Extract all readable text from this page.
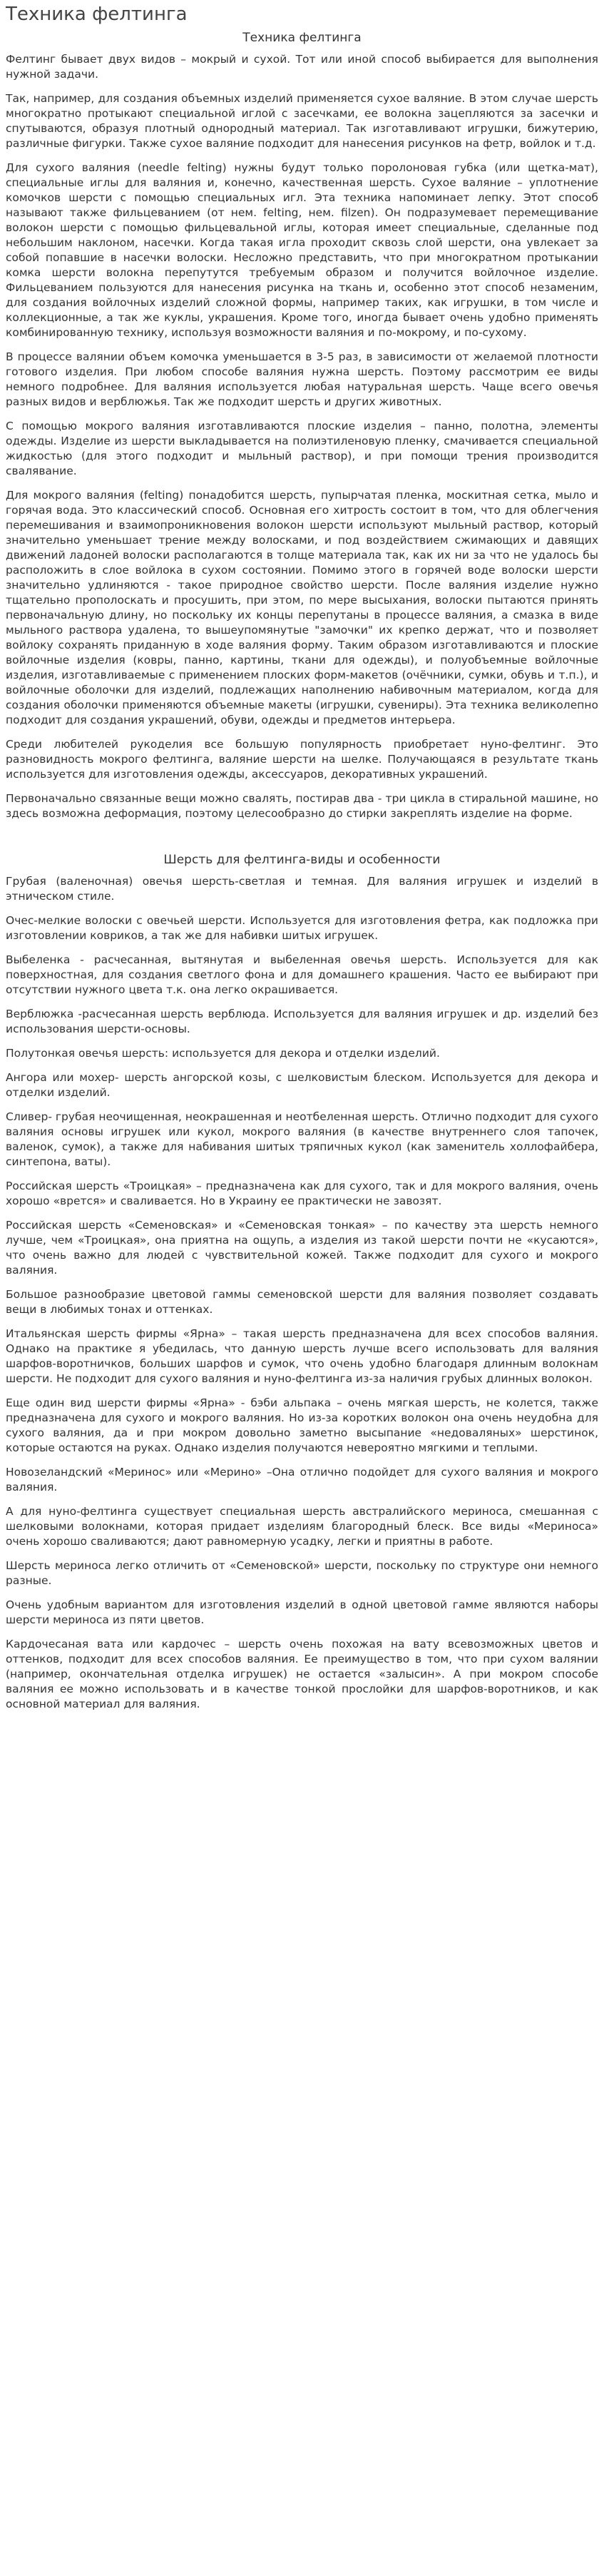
Техника фелтинга
Техника фелтинга

Фелтинг бывает двух видов – мокрый и сухой. Тот или иной способ выбирается для выполнения нужной задачи.

Так, например, для создания объемных изделий применяется сухое валяние. В этом случае шерсть многократно протыкают специальной иглой с засечками, ее волокна зацепляются за засечки и спутываются, образуя плотный однородный материал. Так изготавливают игрушки, бижутерию, различные фигурки. Также сухое валяние подходит для нанесения рисунков на фетр, войлок и т.д.

Для сухого валяния (needle felting) нужны будут только поролоновая губка (или щетка-мат), специальные иглы для валяния и, конечно, качественная шерсть. Сухое валяние – уплотнение комочков шерсти с помощью специальных игл. Эта техника напоминает лепку. Этот способ называют также фильцеванием (от нем. felting, нем. filzen). Он подразумевает перемещивание волокон шерсти с помощью фильцевальной иглы, которая имеет специальные, сделанные под небольшим наклоном, насечки. Когда такая игла проходит сквозь слой шерсти, она увлекает за собой попавшие в насечки волоски. Несложно представить, что при многократном протыкании комка шерсти волокна перепутутся требуемым образом и получится войлочное изделие. Фильцеванием пользуются для нанесения рисунка на ткань и, особенно этот способ незаменим, для создания войлочных изделий сложной формы, например таких, как игрушки, в том числе и коллекционные, а так же куклы, украшения. Кроме того, иногда бывает очень удобно применять комбинированную технику, используя возможности валяния и по-мокрому, и по-сухому.

В процессе валянии объем комочка уменьшается в 3-5 раз, в зависимости от желаемой плотности готового изделия. При любом способе валяния нужна шерсть. Поэтому рассмотрим ее виды немного подробнее. Для валяния используется любая натуральная шерсть. Чаще всего овечья разных видов и верблюжья. Так же подходит шерсть и других животных.

С помощью мокрого валяния изготавливаются плоские изделия – панно, полотна, элементы одежды. Изделие из шерсти выкладывается на полиэтиленовую пленку, смачивается специальной жидкостью (для этого подходит и мыльный раствор), и при помощи трения производится свалявание.

Для мокрого валяния (felting) понадобится шерсть, пупырчатая пленка, москитная сетка, мыло и горячая вода. Это классический способ. Основная его хитрость состоит в том, что для облегчения перемешивания и взаимопроникновения волокон шерсти используют мыльный раствор, который значительно уменьшает трение между волосками, и под воздействием сжимающих и давящих движений ладоней волоски располагаются в толще материала так, как их ни за что не удалось бы расположить в слое войлока в сухом состоянии. Помимо этого в горячей воде волоски шерсти значительно удлиняются - такое природное свойство шерсти. После валяния изделие нужно тщательно прополоскать и просушить, при этом, по мере высыхания, волоски пытаются принять первоначальную длину, но поскольку их концы перепутаны в процессе валяния, а смазка в виде мыльного раствора удалена, то вышеупомянутые "замочки" их крепко держат, что и позволяет войлоку сохранять приданную в ходе валяния форму. Таким образом изготавливаются и плоские войлочные изделия (ковры, панно, картины, ткани для одежды), и полуобъемные войлочные изделия, изготавливаемые с применением плоских форм-макетов (очёчники, сумки, обувь и т.п.), и войлочные оболочки для изделий, подлежащих наполнению набивочным материалом, когда для создания оболочки применяются объемные макеты (игрушки, сувениры). Эта техника великолепно подходит для создания украшений, обуви, одежды и предметов интерьера.

Среди любителей рукоделия все большую популярность приобретает нуно-фелтинг. Это разновидность мокрого фелтинга, валяние шерсти на шелке. Получающаяся в результате ткань используется для изготовления одежды, аксессуаров, декоративных украшений.

Первоначально связанные вещи можно свалять, постирав два - три цикла в стиральной машине, но здесь возможна деформация, поэтому целесообразно до стирки закреплять изделие на форме.

Шерсть для фелтинга-виды и особенности

Грубая (валеночная) овечья шерсть-светлая и темная. Для валяния игрушек и изделий в этническом стиле.

Очес-мелкие волоски с овечьей шерсти. Используется для изготовления фетра, как подложка при изготовлении ковриков, а так же для набивки шитых игрушек.

Выбеленка - расчесанная, вытянутая и выбеленная овечья шерсть. Используется для как поверхностная, для создания светлого фона и для домашнего крашения. Часто ее выбирают при отсутствии нужного цвета т.к. она легко окрашивается.

Верблюжка -расчесанная шерсть верблюда. Используется для валяния игрушек и др. изделий без использования шерсти-основы.

Полутонкая овечья шерсть: используется для декора и отделки изделий.

Ангора или мохер- шерсть ангорской козы, с шелковистым блеском. Используется для декора и отделки изделий.

Сливер- грубая неочищенная, неокрашенная и неотбеленная шерсть. Отлично подходит для сухого валяния основы игрушек или кукол, мокрого валяния (в качестве внутреннего слоя тапочек, валенок, сумок), а также для набивания шитых тряпичных кукол (как заменитель холлофайбера, синтепона, ваты).

Российская шерсть «Троицкая» – предназначена как для сухого, так и для мокрого валяния, очень хорошо «врется» и сваливается. Но в Украину ее практически не завозят.

Российская шерсть «Семеновская» и «Семеновская тонкая» – по качеству эта шерсть немного лучше, чем «Троицкая», она приятна на ощупь, а изделия из такой шерсти почти не «кусаются», что очень важно для людей с чувствительной кожей. Также подходит для сухого и мокрого валяния.

Большое разнообразие цветовой гаммы семеновской шерсти для валяния позволяет создавать вещи в любимых тонах и оттенках.

Итальянская шерсть фирмы «Ярна» – такая шерсть предназначена для всех способов валяния. Однако на практике я убедилась, что данную шерсть лучше всего использовать для валяния шарфов-воротничков, больших шарфов и сумок, что очень удобно благодаря длинным волокнам шерсти. Не подходит для сухого валяния и нуно-фелтинга из-за наличия грубых длинных волокон.

Еще один вид шерсти фирмы «Ярна» - бэби альпака – очень мягкая шерсть, не колется, также предназначена для сухого и мокрого валяния. Но из-за коротких волокон она очень неудобна для сухого валяния, да и при мокром довольно заметно высыпание «недоваляных» шерстинок, которые остаются на руках. Однако изделия получаются невероятно мягкими и теплыми.

Новозеландский «Меринос» или «Мерино» –Она отлично подойдет для сухого валяния и мокрого валяния.

А для нуно-фелтинга существует специальная шерсть австралийского мериноса, смешанная с шелковыми волокнами, которая придает изделиям благородный блеск. Все виды «Мериноса» очень хорошо сваливаются; дают равномерную усадку, легки и приятны в работе.

Шерсть мериноса легко отличить от «Семеновской» шерсти, поскольку по структуре они немного разные.

Очень удобным вариантом для изготовления изделий в одной цветовой гамме являются наборы шерсти мериноса из пяти цветов.

Кардочесаная вата или кардочес – шерсть очень похожая на вату всевозможных цветов и оттенков, подходит для всех способов валяния. Ее преимущество в том, что при сухом валянии (например, окончательная отделка игрушек) не остается «залысин». А при мокром способе валяния ее можно использовать и в качестве тонкой прослойки для шарфов-воротников, и как основной материал для валяния.
